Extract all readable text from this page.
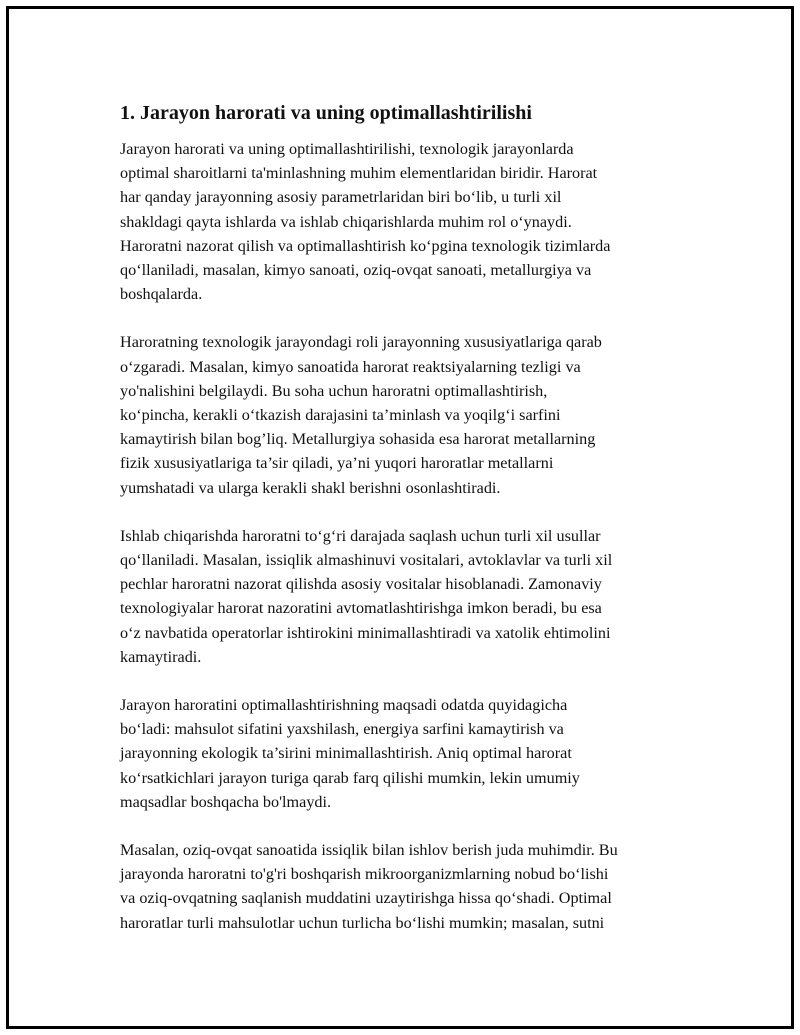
1. Jarayon harorati va uning optimallashtirilishi

Jarayon harorati va uning optimallashtirilishi, texnologik jarayonlarda
optimal sharoitlarni ta'minlashning muhim elementlaridan biridir. Harorat
har qanday jarayonning asosiy parametrlaridan biri bo‘lib, u turli xil
shakldagi qayta ishlarda va ishlab chiqarishlarda muhim rol o‘ynaydi.
Haroratni nazorat qilish va optimallashtirish ko‘pgina texnologik tizimlarda
qo‘llaniladi, masalan, kimyo sanoati, oziq-ovqat sanoati, metallurgiya va
boshqalarda.

Haroratning texnologik jarayondagi roli jarayonning xususiyatlariga qarab
o‘zgaradi. Masalan, kimyo sanoatida harorat reaktsiyalarning tezligi va
yo'nalishini belgilaydi. Bu soha uchun haroratni optimallashtirish,
ko‘pincha, kerakli o‘tkazish darajasini ta’minlash va yoqilg‘i sarfini
kamaytirish bilan bog’liq. Metallurgiya sohasida esa harorat metallarning
fizik xususiyatlariga ta’sir qiladi, ya’ni yuqori haroratlar metallarni
yumshatadi va ularga kerakli shakl berishni osonlashtiradi.

Ishlab chiqarishda haroratni to‘g‘ri darajada saqlash uchun turli xil usullar
qo‘llaniladi. Masalan, issiqlik almashinuvi vositalari, avtoklavlar va turli xil
pechlar haroratni nazorat qilishda asosiy vositalar hisoblanadi. Zamonaviy
texnologiyalar harorat nazoratini avtomatlashtirishga imkon beradi, bu esa
o‘z navbatida operatorlar ishtirokini minimallashtiradi va xatolik ehtimolini
kamaytiradi.

Jarayon haroratini optimallashtirishning maqsadi odatda quyidagicha
bo‘ladi: mahsulot sifatini yaxshilash, energiya sarfini kamaytirish va
jarayonning ekologik ta’sirini minimallashtirish. Aniq optimal harorat
ko‘rsatkichlari jarayon turiga qarab farq qilishi mumkin, lekin umumiy
maqsadlar boshqacha bo'lmaydi.

Masalan, oziq-ovqat sanoatida issiqlik bilan ishlov berish juda muhimdir. Bu
jarayonda haroratni to'g'ri boshqarish mikroorganizmlarning nobud bo‘lishi
va oziq-ovqatning saqlanish muddatini uzaytirishga hissa qo‘shadi. Optimal
haroratlar turli mahsulotlar uchun turlicha bo‘lishi mumkin; masalan, sutni
